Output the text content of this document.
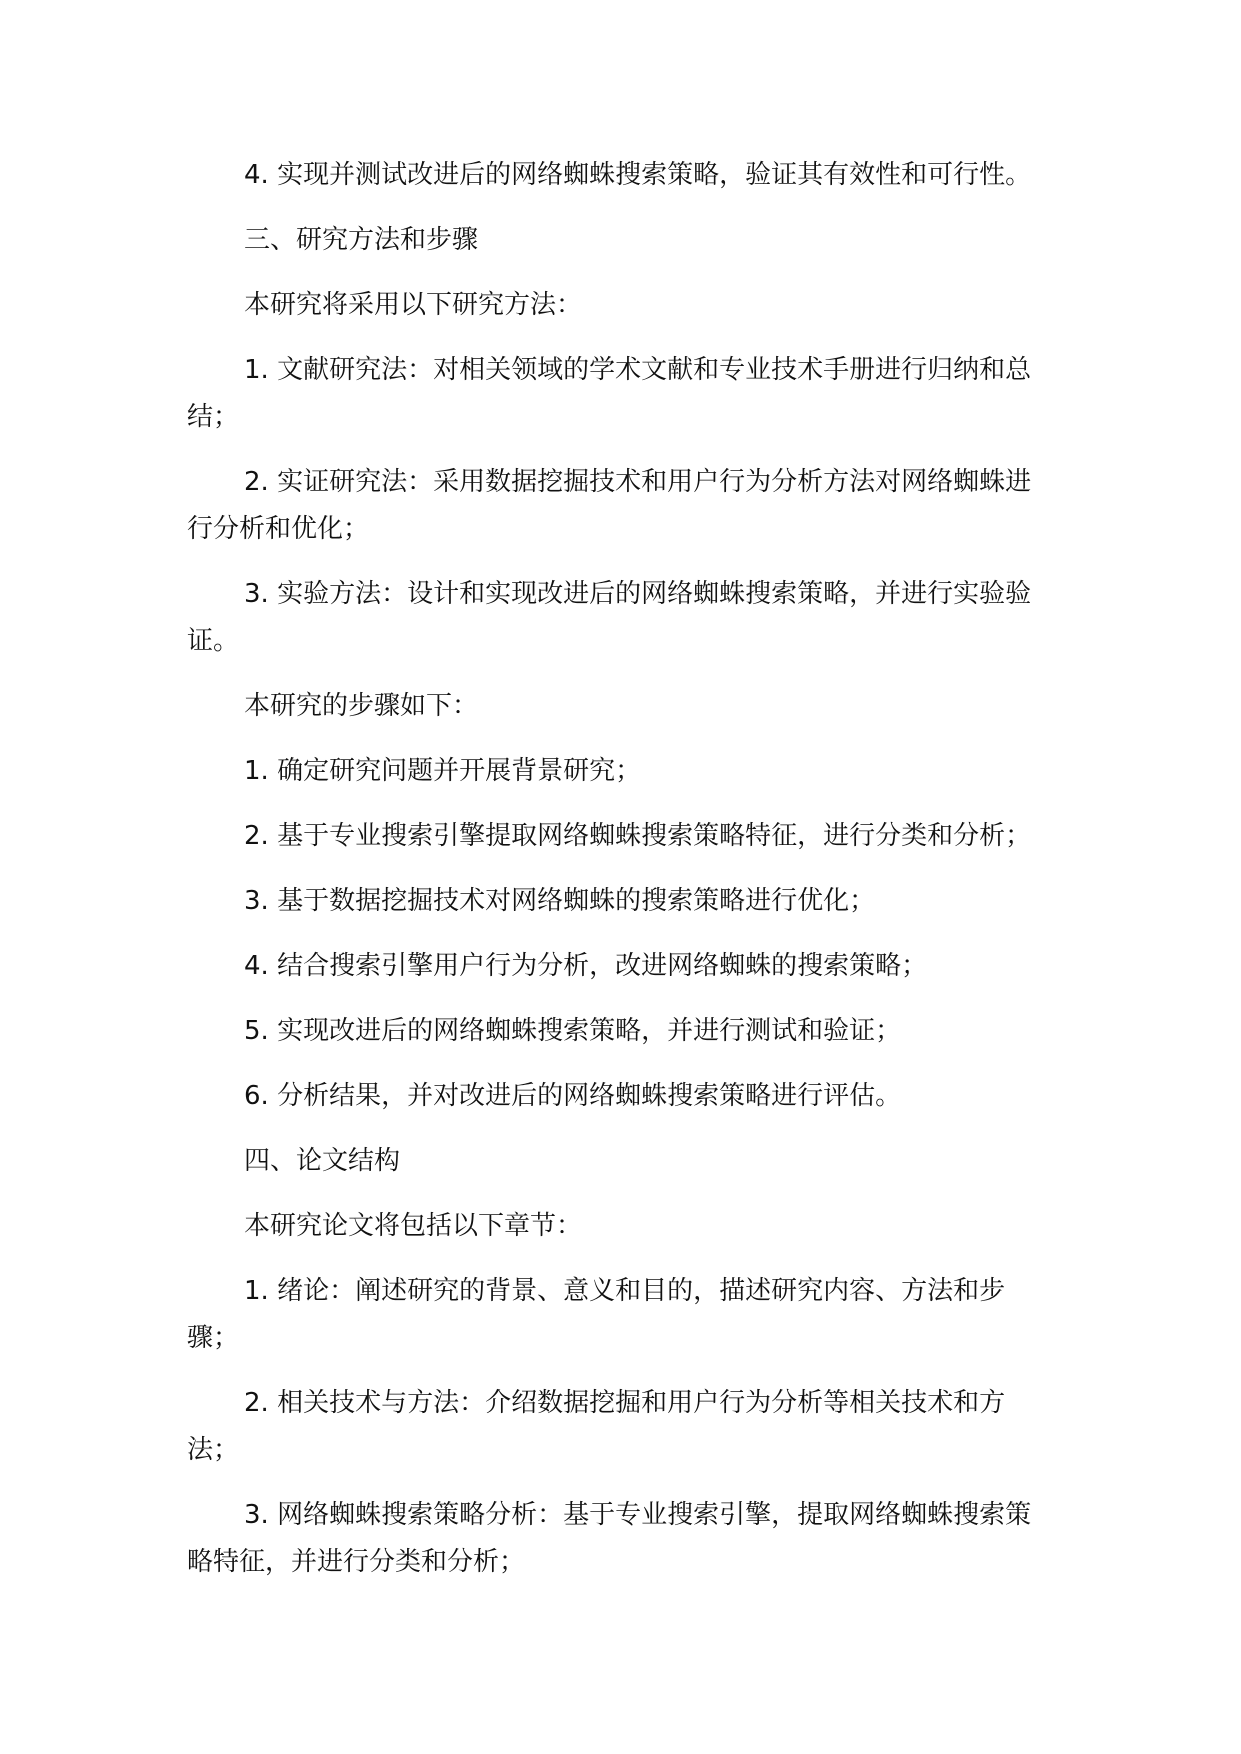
4. 实现并测试改进后的网络蜘蛛搜索策略，验证其有效性和可行性。

三、研究方法和步骤

本研究将采用以下研究方法：

1. 文献研究法：对相关领域的学术文献和专业技术手册进行归纳和总结；

2. 实证研究法：采用数据挖掘技术和用户行为分析方法对网络蜘蛛进行分析和优化；

3. 实验方法：设计和实现改进后的网络蜘蛛搜索策略，并进行实验验证。

本研究的步骤如下：

1. 确定研究问题并开展背景研究；

2. 基于专业搜索引擎提取网络蜘蛛搜索策略特征，进行分类和分析；

3. 基于数据挖掘技术对网络蜘蛛的搜索策略进行优化；

4. 结合搜索引擎用户行为分析，改进网络蜘蛛的搜索策略；

5. 实现改进后的网络蜘蛛搜索策略，并进行测试和验证；

6. 分析结果，并对改进后的网络蜘蛛搜索策略进行评估。

四、论文结构

本研究论文将包括以下章节：

1. 绪论：阐述研究的背景、意义和目的，描述研究内容、方法和步骤；

2. 相关技术与方法：介绍数据挖掘和用户行为分析等相关技术和方法；

3. 网络蜘蛛搜索策略分析：基于专业搜索引擎，提取网络蜘蛛搜索策略特征，并进行分类和分析；
